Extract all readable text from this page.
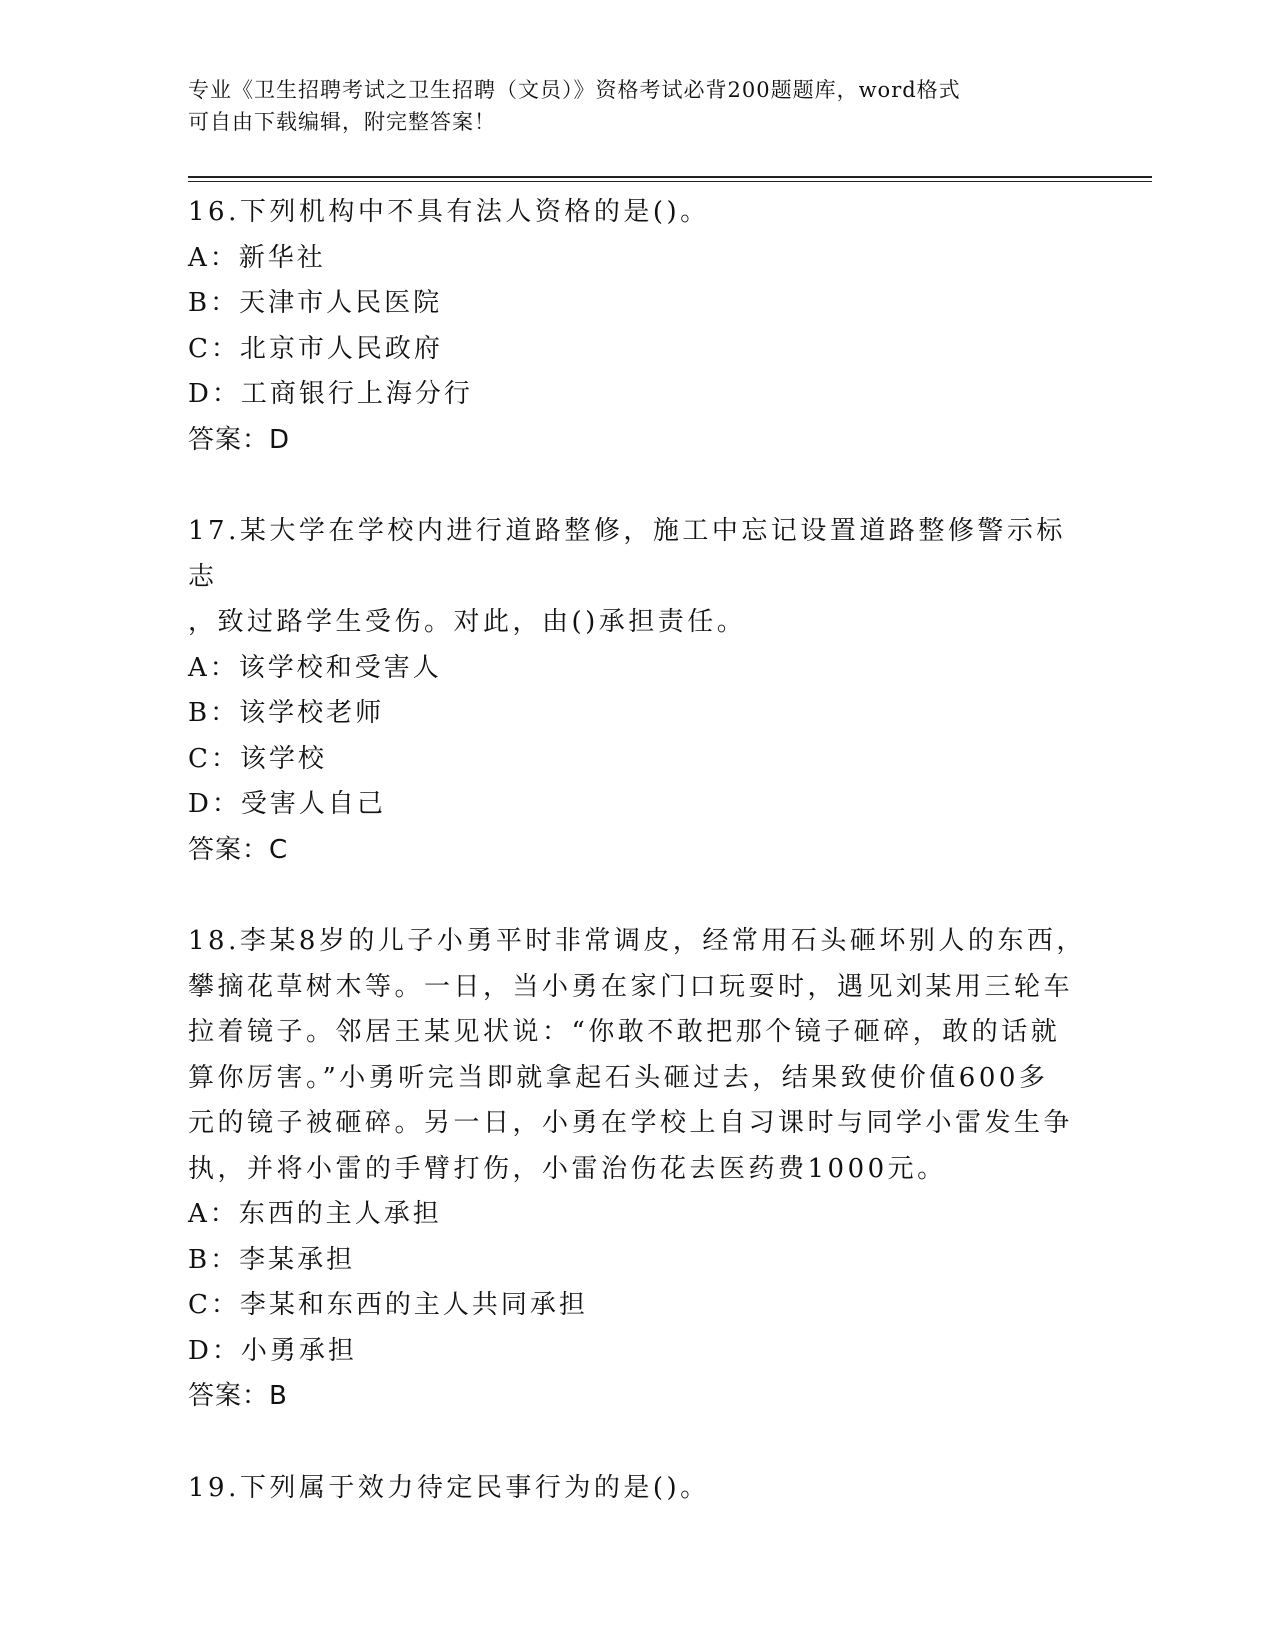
专业《卫生招聘考试之卫生招聘（文员）》资格考试必背200题题库，word格式
可自由下载编辑，附完整答案！

16.下列机构中不具有法人资格的是()。

A：新华社

B：天津市人民医院

C：北京市人民政府

D：工商银行上海分行

答案：D

17.某大学在学校内进行道路整修，施工中忘记设置道路整修警示标志

，致过路学生受伤。对此，由()承担责任。

A：该学校和受害人

B：该学校老师

C：该学校

D：受害人自己

答案：C

18.李某8岁的儿子小勇平时非常调皮，经常用石头砸坏别人的东西，

攀摘花草树木等。一日，当小勇在家门口玩耍时，遇见刘某用三轮车

拉着镜子。邻居王某见状说：“你敢不敢把那个镜子砸碎，敢的话就

算你厉害。”小勇听完当即就拿起石头砸过去，结果致使价值600多

元的镜子被砸碎。另一日，小勇在学校上自习课时与同学小雷发生争

执，并将小雷的手臂打伤，小雷治伤花去医药费1000元。

A：东西的主人承担

B：李某承担

C：李某和东西的主人共同承担

D：小勇承担

答案：B

19.下列属于效力待定民事行为的是()。
